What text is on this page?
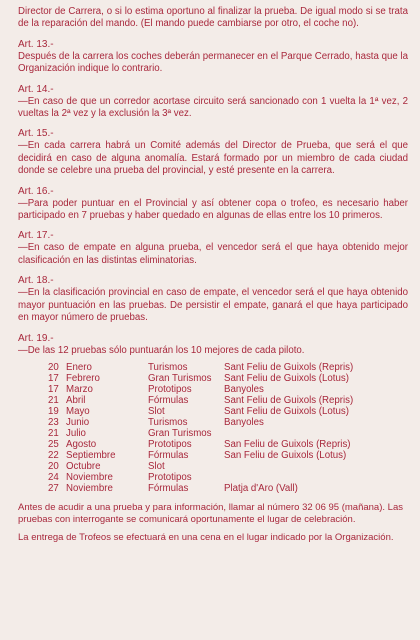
Director de Carrera, o si lo estima oportuno al finalizar la prueba. De igual modo si se trata de la reparación del mando. (El mando puede cambiarse por otro, el coche no).

Art. 13.-

Después de la carrera los coches deberán permanecer en el Parque Cerrado, hasta que la Organización indique lo contrario.

Art. 14.-

—En caso de que un corredor acortase circuito será sancionado con 1 vuelta la 1ª vez, 2 vueltas la 2ª vez y la exclusión la 3ª vez.

Art. 15.-

—En cada carrera habrá un Comité además del Director de Prueba, que será el que decidirá en caso de alguna anomalía. Estará formado por un miembro de cada ciudad donde se celebre una prueba del provincial, y esté presente en la carrera.

Art. 16.-

—Para poder puntuar en el Provincial y así obtener copa o trofeo, es necesario haber participado en 7 pruebas y haber quedado en algunas de ellas entre los 10 primeros.

Art. 17.-

—En caso de empate en alguna prueba, el vencedor será el que haya obtenido mejor clasificación en las distintas eliminatorias.

Art. 18.-

—En la clasificación provincial en caso de empate, el vencedor será el que haya obtenido mayor puntuación en las pruebas. De persistir el empate, ganará el que haya participado en mayor número de pruebas.

Art. 19.-

—De las 12 pruebas sólo puntuarán los 10 mejores de cada piloto.

20	Enero	Turismos	Sant Feliu de Guixols (Repris)
17	Febrero	Gran Turismos	Sant Feliu de Guixols (Lotus)
17	Marzo	Prototipos	Banyoles
21	Abril	Fórmulas	Sant Feliu de Guixols (Repris)
19	Mayo	Slot	Sant Feliu de Guixols (Lotus)
23	Junio	Turismos	Banyoles
21	Julio	Gran Turismos	
25	Agosto	Prototipos	San Feliu de Guixols (Repris)
22	Septiembre	Fórmulas	San Feliu de Guixols (Lotus)
20	Octubre	Slot	
24	Noviembre	Prototipos	
27	Noviembre	Fórmulas	Platja d'Aro (Vall)

Antes de acudir a una prueba y para información, llamar al número 32 06 95 (mañana). Las pruebas con interrogante se comunicará oportunamente el lugar de celebración.

La entrega de Trofeos se efectuará en una cena en el lugar indicado por la Organización.
